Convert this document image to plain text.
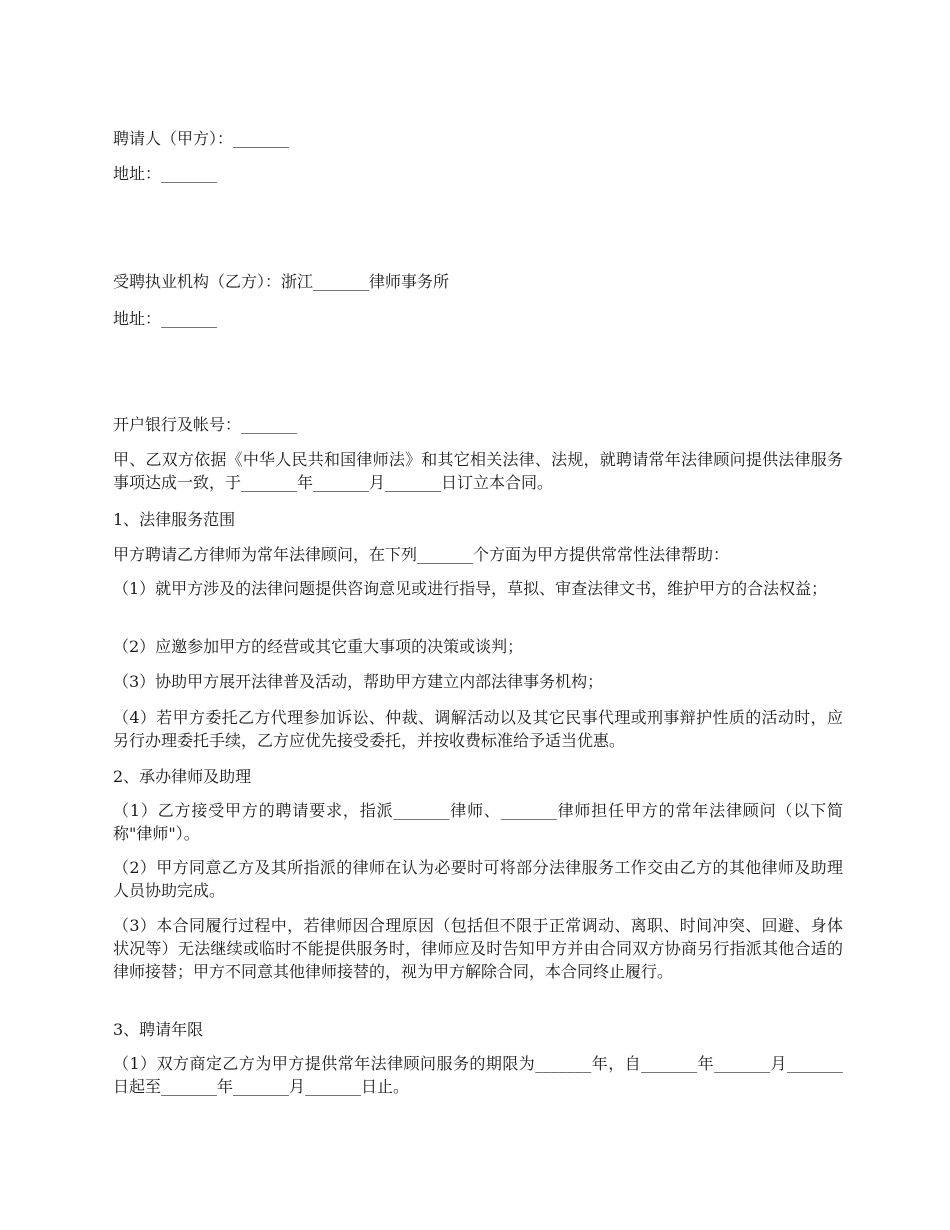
聘请人（甲方）：_______
地址：_______
受聘执业机构（乙方）：浙江_______律师事务所
地址：_______
开户银行及帐号：_______
甲、乙双方依据《中华人民共和国律师法》和其它相关法律、法规，就聘请常年法律顾问提供法律服务事项达成一致，于_______年_______月_______日订立本合同。
1、法律服务范围
甲方聘请乙方律师为常年法律顾问，在下列_______个方面为甲方提供常常性法律帮助：
（1）就甲方涉及的法律问题提供咨询意见或进行指导，草拟、审查法律文书，维护甲方的合法权益；
（2）应邀参加甲方的经营或其它重大事项的决策或谈判；
（3）协助甲方展开法律普及活动，帮助甲方建立内部法律事务机构；
（4）若甲方委托乙方代理参加诉讼、仲裁、调解活动以及其它民事代理或刑事辩护性质的活动时，应另行办理委托手续，乙方应优先接受委托，并按收费标准给予适当优惠。
2、承办律师及助理
（1）乙方接受甲方的聘请要求，指派_______律师、_______律师担任甲方的常年法律顾问（以下简称"律师"）。
（2）甲方同意乙方及其所指派的律师在认为必要时可将部分法律服务工作交由乙方的其他律师及助理人员协助完成。
（3）本合同履行过程中，若律师因合理原因（包括但不限于正常调动、离职、时间冲突、回避、身体状况等）无法继续或临时不能提供服务时，律师应及时告知甲方并由合同双方协商另行指派其他合适的律师接替；甲方不同意其他律师接替的，视为甲方解除合同，本合同终止履行。
3、聘请年限
（1）双方商定乙方为甲方提供常年法律顾问服务的期限为_______年，自_______年_______月_______日起至_______年_______月_______日止。
